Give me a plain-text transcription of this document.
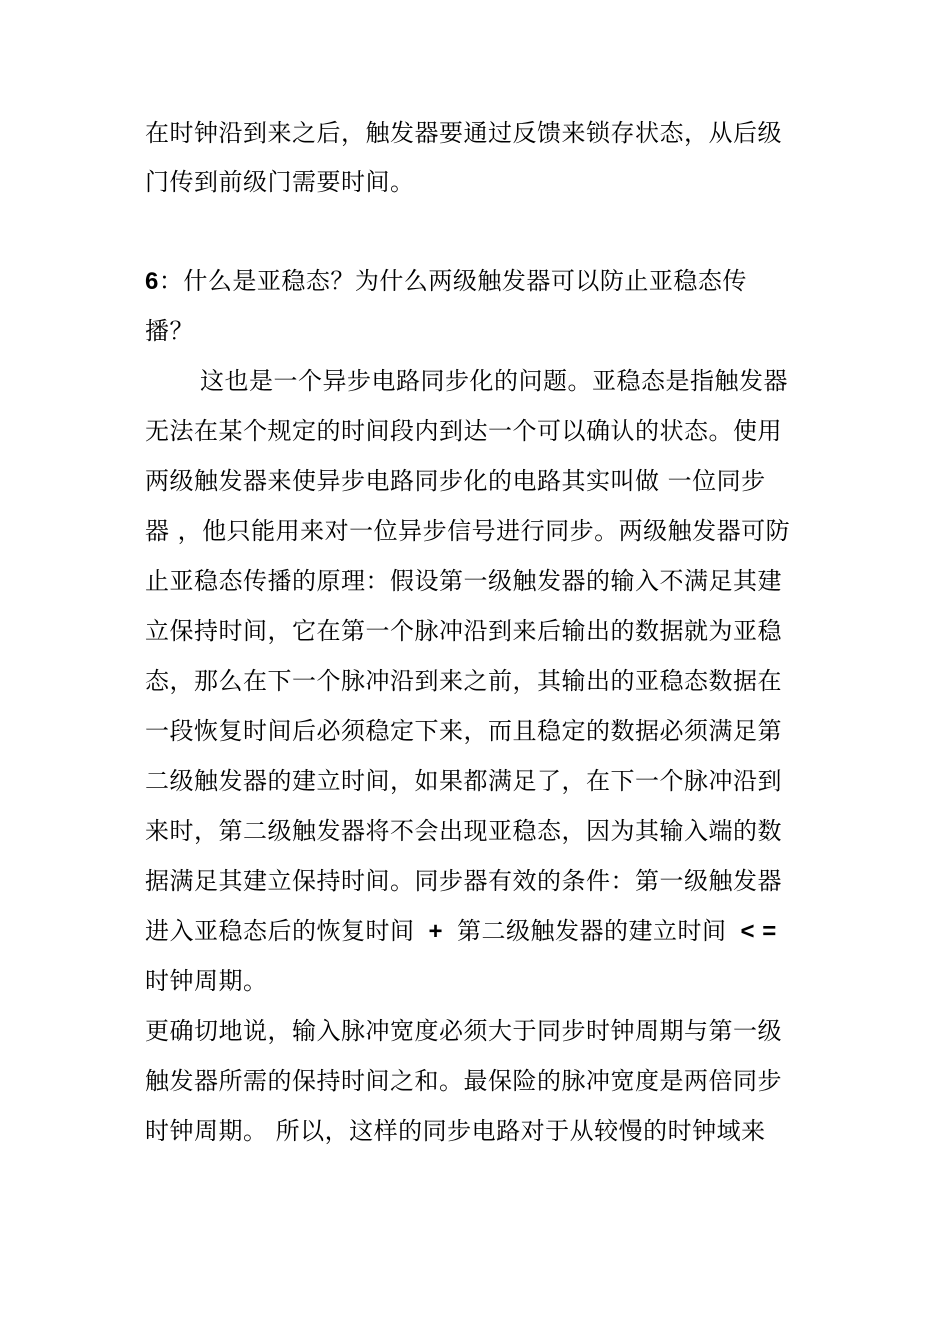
在时钟沿到来之后，触发器要通过反馈来锁存状态，从后级
门传到前级门需要时间。
6：什么是亚稳态？为什么两级触发器可以防止亚稳态传
播？
这也是一个异步电路同步化的问题。亚稳态是指触发器
无法在某个规定的时间段内到达一个可以确认的状态。使用
两级触发器来使异步电路同步化的电路其实叫做 一位同步
器 ，他只能用来对一位异步信号进行同步。两级触发器可防
止亚稳态传播的原理：假设第一级触发器的输入不满足其建
立保持时间，它在第一个脉冲沿到来后输出的数据就为亚稳
态，那么在下一个脉冲沿到来之前，其输出的亚稳态数据在
一段恢复时间后必须稳定下来，而且稳定的数据必须满足第
二级触发器的建立时间，如果都满足了，在下一个脉冲沿到
来时，第二级触发器将不会出现亚稳态，因为其输入端的数
据满足其建立保持时间。同步器有效的条件：第一级触发器
进入亚稳态后的恢复时间 + 第二级触发器的建立时间 < =
时钟周期。
更确切地说，输入脉冲宽度必须大于同步时钟周期与第一级
触发器所需的保持时间之和。最保险的脉冲宽度是两倍同步
时钟周期。 所以，这样的同步电路对于从较慢的时钟域来
